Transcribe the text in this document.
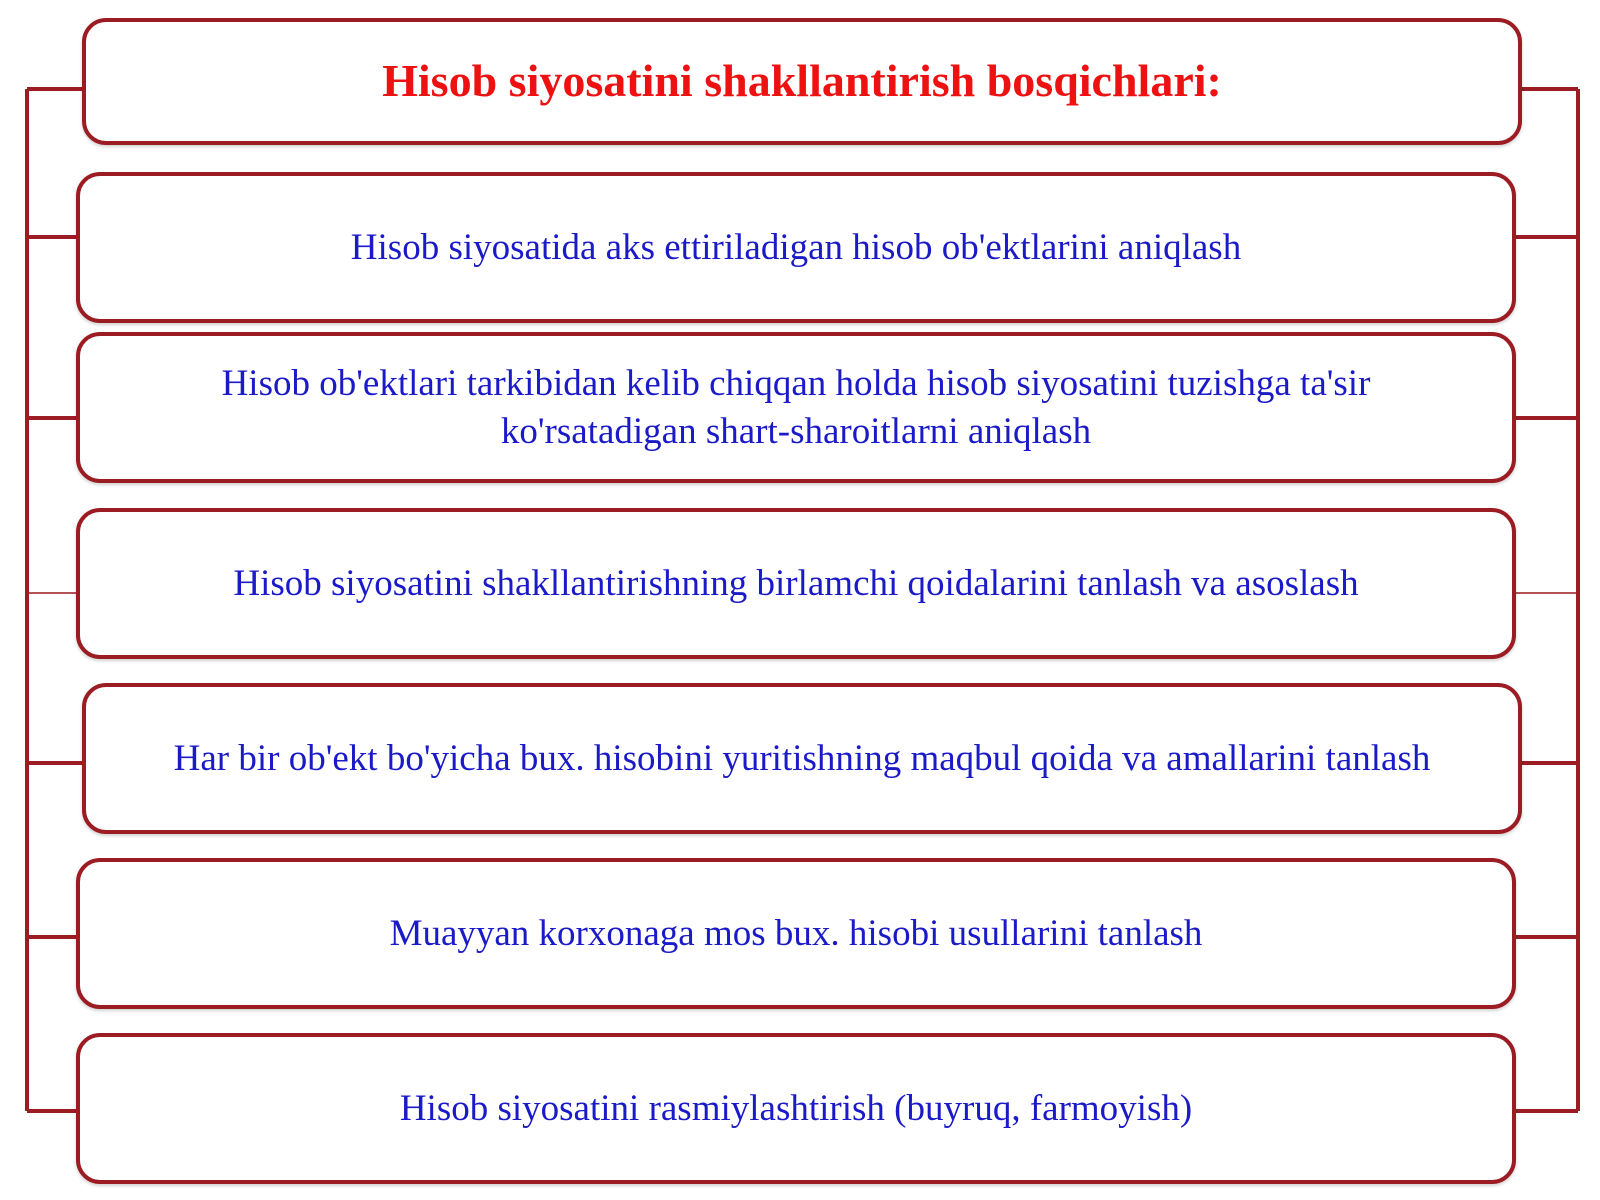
Hisob siyosatini shakllantirish bosqichlari:
Hisob siyosatida aks ettiriladigan hisob ob'ektlarini aniqlash
Hisob ob'ektlari tarkibidan kelib chiqqan holda hisob siyosatini tuzishga ta'sir ko'rsatadigan shart-sharoitlarni aniqlash
Hisob siyosatini shakllantirishning birlamchi qoidalarini tanlash va asoslash
Har bir ob'ekt bo'yicha bux. hisobini yuritishning maqbul qoida va amallarini tanlash
Muayyan korxonaga mos bux. hisobi usullarini tanlash
Hisob siyosatini rasmiylashtirish (buyruq, farmoyish)
